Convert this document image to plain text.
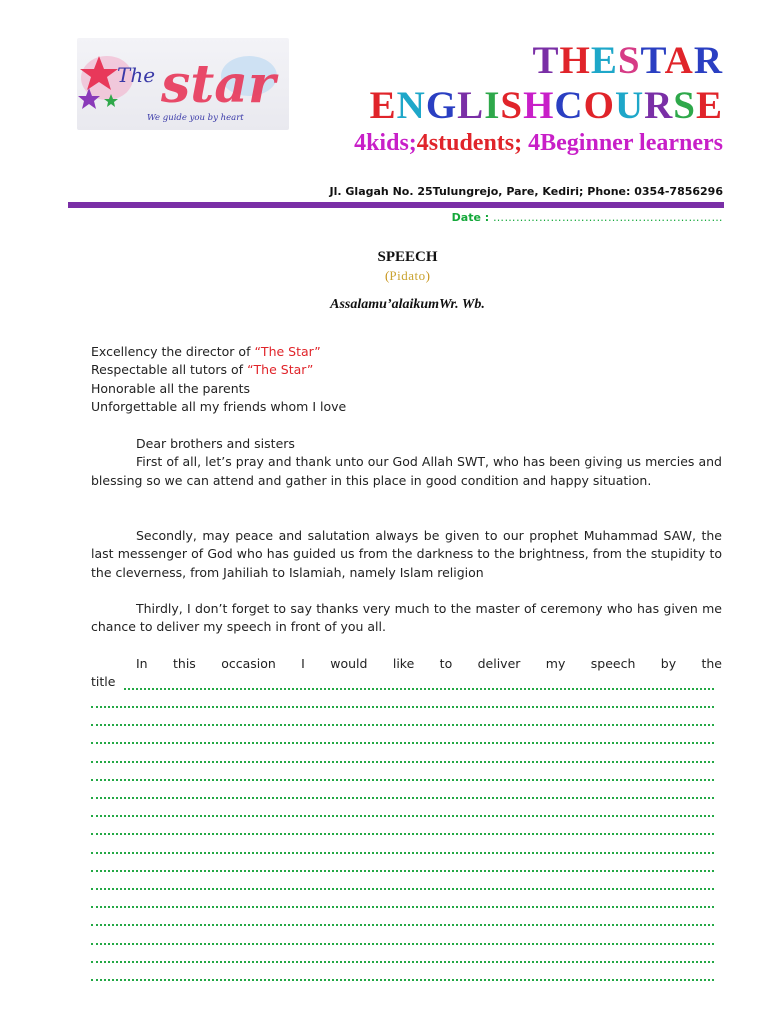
The star
We guide you by heart
THESTAR
ENGLISHCOURSE
4kids;4students; 4Beginner learners
Jl. Glagah No. 25Tulungrejo, Pare, Kediri; Phone: 0354-7856296
Date : ……………………………………………………
SPEECH
(Pidato)
Assalamu’alaikumWr. Wb.

Excellency the director of “The Star”

Respectable all tutors of “The Star”

Honorable all the parents

Unforgettable all my friends whom I love

Dear brothers and sisters

First of all, let’s pray and thank unto our God Allah SWT, who has been giving us mercies and blessing so we can attend and gather in this place in good condition and happy situation.

Secondly, may peace and salutation always be given to our prophet Muhammad SAW, the last messenger of God who has guided us from the darkness to the brightness, from the stupidity to the cleverness, from Jahiliah to Islamiah, namely Islam religion

Thirdly, I don’t forget to say thanks very much to the master of ceremony who has given me chance to deliver my speech in front of you all.

In this occasion I would like to deliver my speech by the

title
